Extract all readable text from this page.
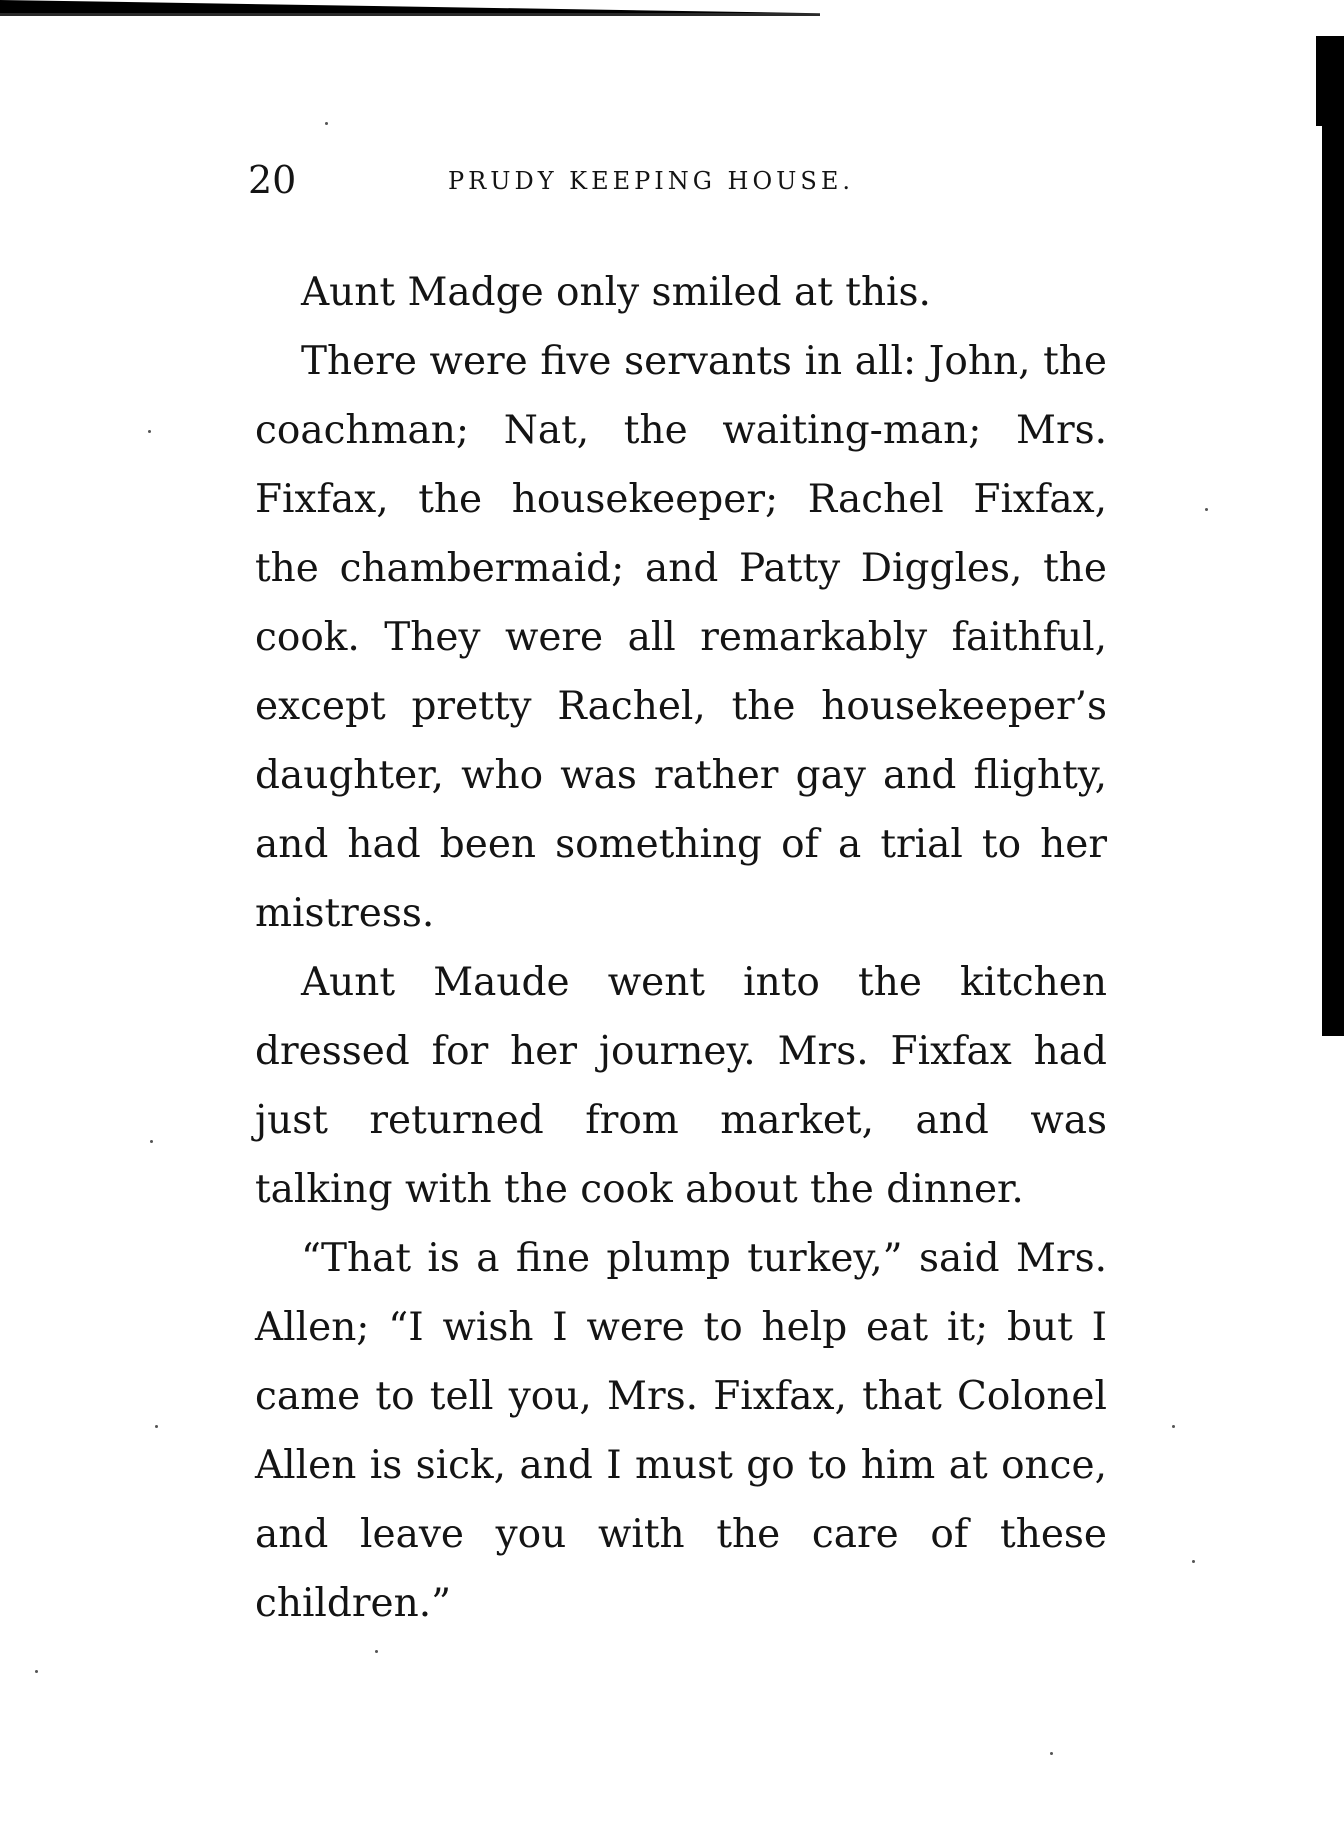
20	PRUDY KEEPING HOUSE.

Aunt Madge only smiled at this.

There were five servants in all: John, the coachman; Nat, the waiting-man; Mrs. Fixfax, the housekeeper; Rachel Fixfax, the chambermaid; and Patty Diggles, the cook. They were all remarkably faithful, except pretty Rachel, the housekeeper’s daughter, who was rather gay and flighty, and had been something of a trial to her mistress.

Aunt Maude went into the kitchen dressed for her journey. Mrs. Fixfax had just returned from market, and was talking with the cook about the dinner.

“That is a fine plump turkey,” said Mrs. Allen; “I wish I were to help eat it; but I came to tell you, Mrs. Fixfax, that Colonel Allen is sick, and I must go to him at once, and leave you with the care of these children.”
